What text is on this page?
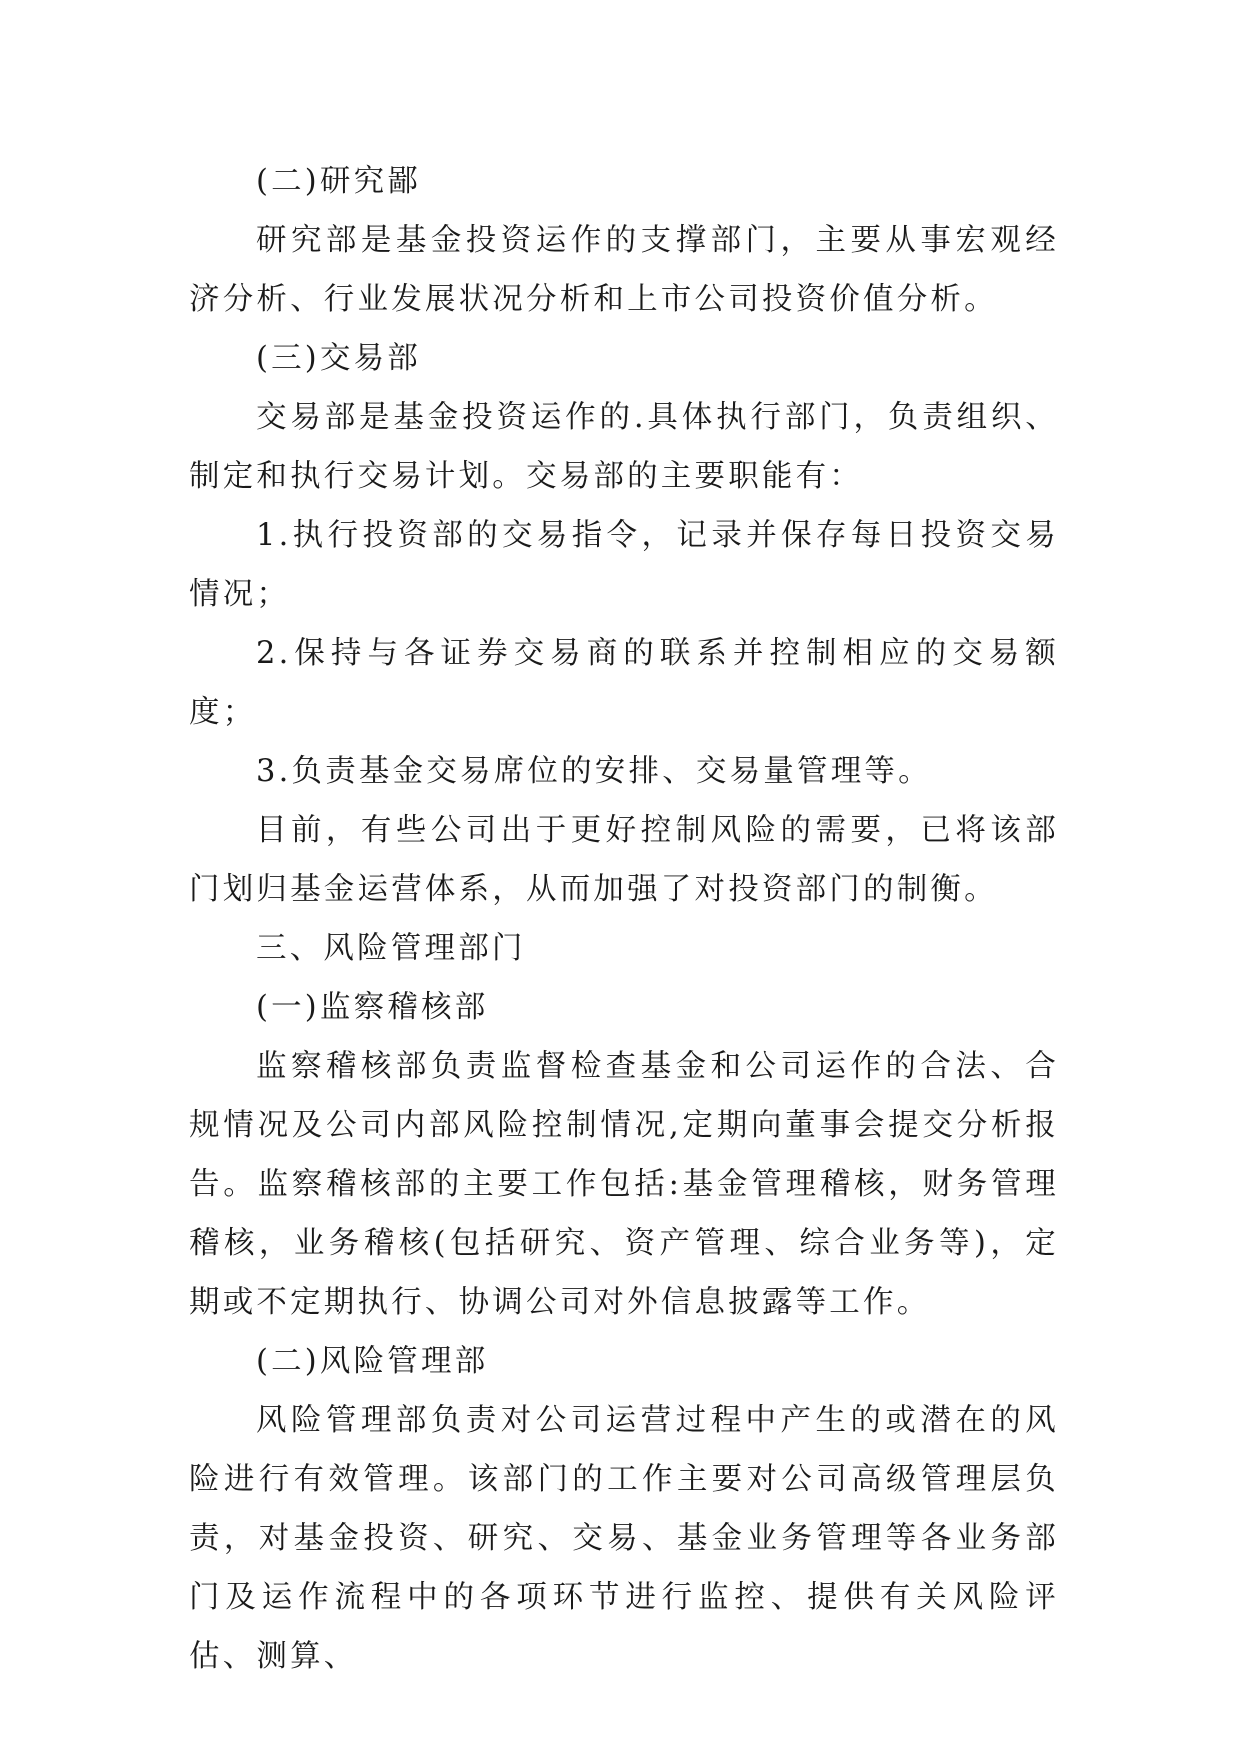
(二)研究鄙

研究部是基金投资运作的支撑部门，主要从事宏观经济分析、行业发展状况分析和上市公司投资价值分析。

(三)交易部

交易部是基金投资运作的.具体执行部门，负责组织、制定和执行交易计划。交易部的主要职能有：

1.执行投资部的交易指令，记录并保存每日投资交易情况；

2.保持与各证券交易商的联系并控制相应的交易额度；

3.负责基金交易席位的安排、交易量管理等。

目前，有些公司出于更好控制风险的需要，已将该部门划归基金运营体系，从而加强了对投资部门的制衡。

三、风险管理部门

(一)监察稽核部

监察稽核部负责监督检查基金和公司运作的合法、合规情况及公司内部风险控制情况,定期向董事会提交分析报告。监察稽核部的主要工作包括:基金管理稽核，财务管理稽核，业务稽核(包括研究、资产管理、综合业务等)，定期或不定期执行、协调公司对外信息披露等工作。

(二)风险管理部

风险管理部负责对公司运营过程中产生的或潜在的风险进行有效管理。该部门的工作主要对公司高级管理层负责，对基金投资、研究、交易、基金业务管理等各业务部门及运作流程中的各项环节进行监控、提供有关风险评估、测算、
